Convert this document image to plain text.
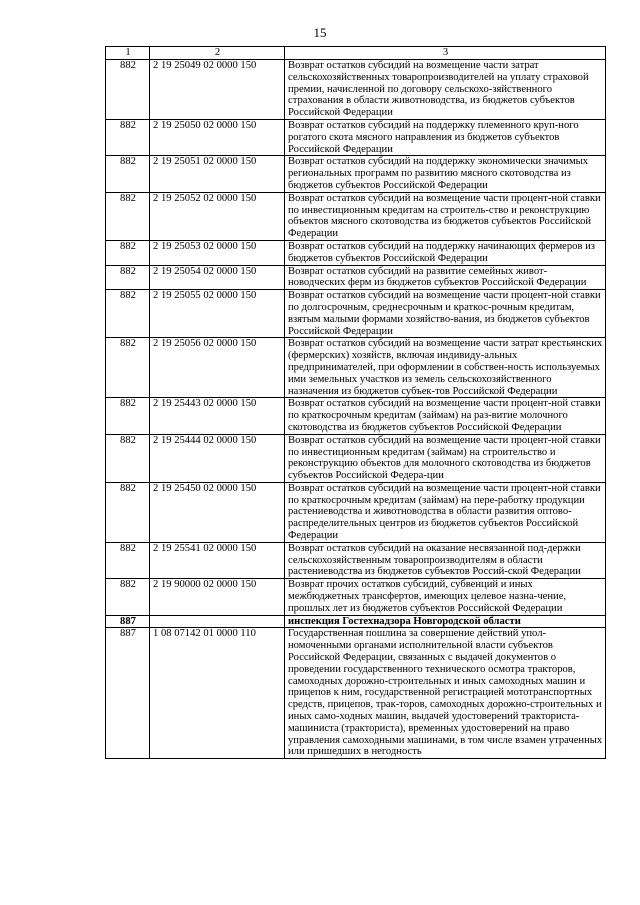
15
1	2	3
882	2 19 25049 02 0000 150	Возврат остатков субсидий на возмещение части затрат сельскохозяйственных товаропроизводителей на уплату страховой премии, начисленной по договору сельскохо-зяйственного страхования в области животноводства, из бюджетов субъектов Российской Федерации
882	2 19 25050 02 0000 150	Возврат остатков субсидий на поддержку племенного круп-ного рогатого скота мясного направления из бюджетов субъектов Российской Федерации
882	2 19 25051 02 0000 150	Возврат остатков субсидий на поддержку экономически значимых региональных программ по развитию мясного скотоводства из бюджетов субъектов Российской Федерации
882	2 19 25052 02 0000 150	Возврат остатков субсидий на возмещение части процент-ной ставки по инвестиционным кредитам на строитель-ство и реконструкцию объектов мясного скотоводства из бюджетов субъектов Российской Федерации
882	2 19 25053 02 0000 150	Возврат остатков субсидий на поддержку начинающих фермеров из бюджетов субъектов Российской Федерации
882	2 19 25054 02 0000 150	Возврат остатков субсидий на развитие семейных живот-новодческих ферм из бюджетов субъектов Российской Федерации
882	2 19 25055 02 0000 150	Возврат остатков субсидий на возмещение части процент-ной ставки по долгосрочным, среднесрочным и краткос-рочным кредитам, взятым малыми формами хозяйство-вания, из бюджетов субъектов Российской Федерации
882	2 19 25056 02 0000 150	Возврат остатков субсидий на возмещение части затрат крестьянских (фермерских) хозяйств, включая индивиду-альных предпринимателей, при оформлении в собствен-ность используемых ими земельных участков из земель сельскохозяйственного назначения из бюджетов субъек-тов Российской Федерации
882	2 19 25443 02 0000 150	Возврат остатков субсидий на возмещение части процент-ной ставки по краткосрочным кредитам (займам) на раз-витие молочного скотоводства из бюджетов субъектов Российской Федерации
882	2 19 25444 02 0000 150	Возврат остатков субсидий на возмещение части процент-ной ставки по инвестиционным кредитам (займам) на строительство и реконструкцию объектов для молочного скотоводства из бюджетов субъектов Российской Федера-ции
882	2 19 25450 02 0000 150	Возврат остатков субсидий на возмещение части процент-ной ставки по краткосрочным кредитам (займам) на пере-работку продукции растениеводства и животноводства в области развития оптово-распределительных центров из бюджетов субъектов Российской Федерации
882	2 19 25541 02 0000 150	Возврат остатков субсидий на оказание несвязанной под-держки сельскохозяйственным товаропроизводителям в области растениеводства из бюджетов субъектов Россий-ской Федерации
882	2 19 90000 02 0000 150	Возврат прочих остатков субсидий, субвенций и иных межбюджетных трансфертов, имеющих целевое назна-чение, прошлых лет из бюджетов субъектов Российской Федерации
887		инспекция Гостехнадзора Новгородской области
887	1 08 07142 01 0000 110	Государственная пошлина за совершение действий упол-номоченными органами исполнительной власти субъектов Российской Федерации, связанных с выдачей документов о проведении государственного технического осмотра тракторов, самоходных дорожно-строительных и иных самоходных машин и прицепов к ним, государственной регистрацией мототранспортных средств, прицепов, трак-торов, самоходных дорожно-строительных и иных само-ходных машин, выдачей удостоверений тракториста-машиниста (тракториста), временных удостоверений на право управления самоходными машинами, в том числе взамен утраченных или пришедших в негодность
